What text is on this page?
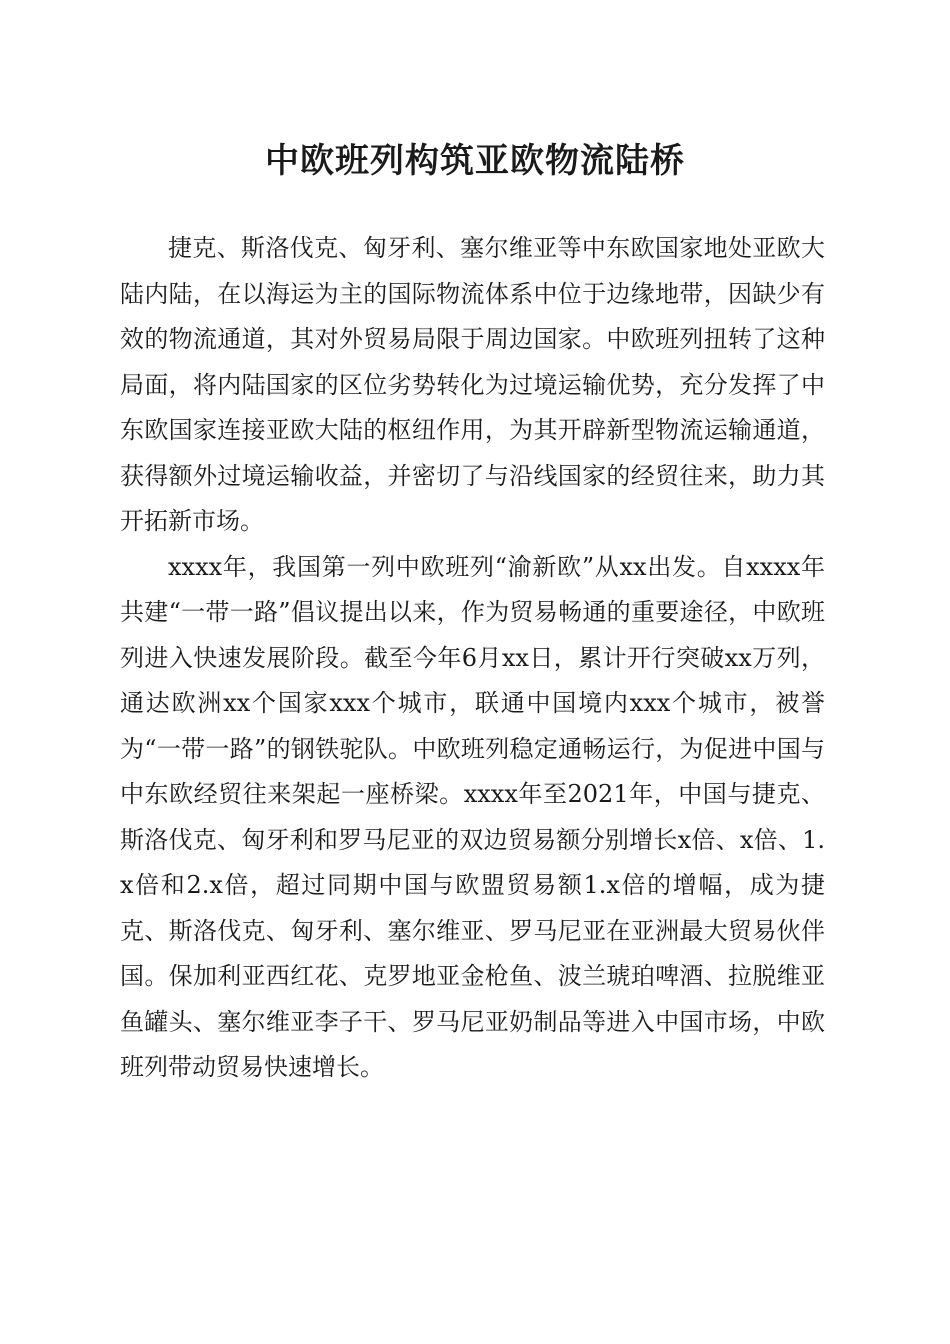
中欧班列构筑亚欧物流陆桥

捷克、斯洛伐克、匈牙利、塞尔维亚等中东欧国家地处亚欧大陆内陆，在以海运为主的国际物流体系中位于边缘地带，因缺少有效的物流通道，其对外贸易局限于周边国家。中欧班列扭转了这种局面，将内陆国家的区位劣势转化为过境运输优势，充分发挥了中东欧国家连接亚欧大陆的枢纽作用，为其开辟新型物流运输通道，获得额外过境运输收益，并密切了与沿线国家的经贸往来，助力其开拓新市场。

xxxx年，我国第一列中欧班列“渝新欧”从xx出发。自xxxx年共建“一带一路”倡议提出以来，作为贸易畅通的重要途径，中欧班列进入快速发展阶段。截至今年6月xx日，累计开行突破xx万列，通达欧洲xx个国家xxx个城市，联通中国境内xxx个城市，被誉为“一带一路”的钢铁驼队。中欧班列稳定通畅运行，为促进中国与中东欧经贸往来架起一座桥梁。xxxx年至2021年，中国与捷克、斯洛伐克、匈牙利和罗马尼亚的双边贸易额分别增长x倍、x倍、1.x倍和2.x倍，超过同期中国与欧盟贸易额1.x倍的增幅，成为捷克、斯洛伐克、匈牙利、塞尔维亚、罗马尼亚在亚洲最大贸易伙伴国。保加利亚西红花、克罗地亚金枪鱼、波兰琥珀啤酒、拉脱维亚鱼罐头、塞尔维亚李子干、罗马尼亚奶制品等进入中国市场，中欧班列带动贸易快速增长。
